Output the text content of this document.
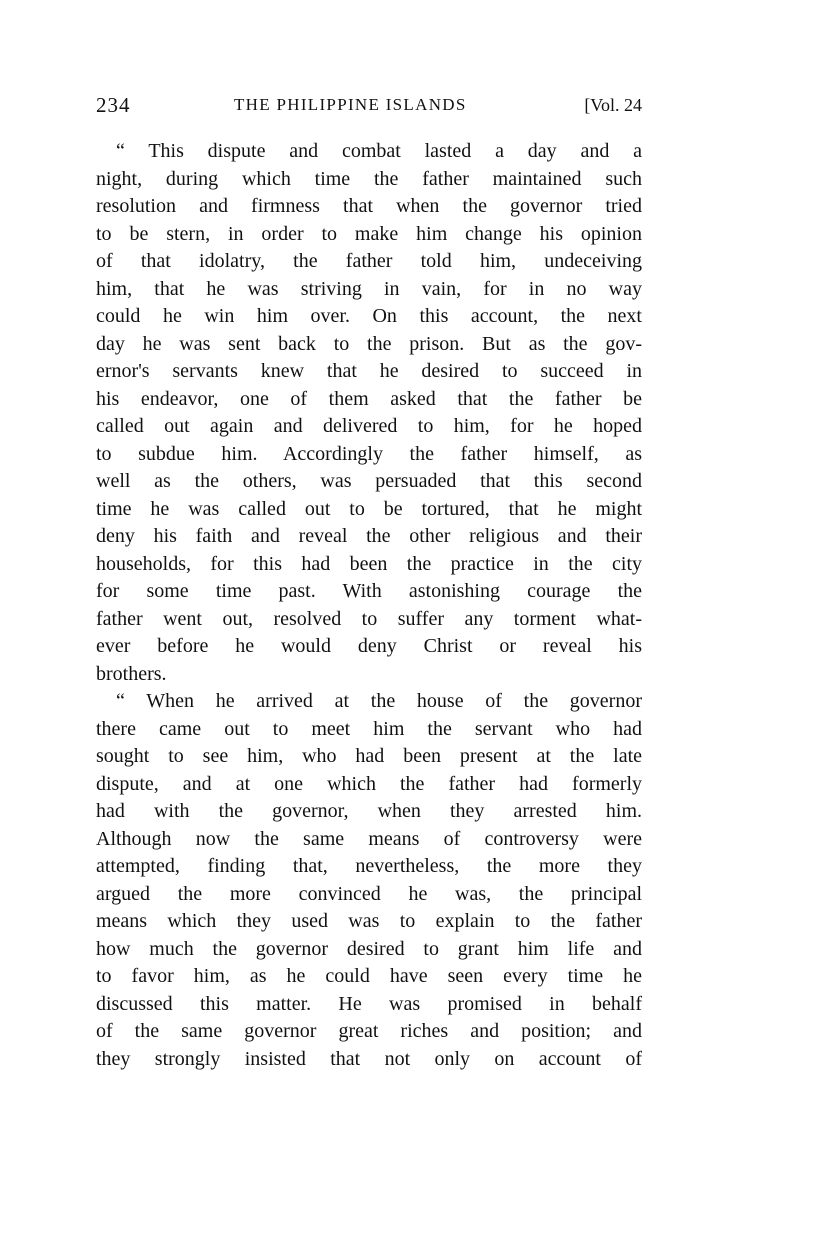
234	THE PHILIPPINE ISLANDS	[Vol. 24
“ This dispute and combat lasted a day and a
night, during which time the father maintained such
resolution and firmness that when the governor tried
to be stern, in order to make him change his opinion
of that idolatry, the father told him, undeceiving
him, that he was striving in vain, for in no way
could he win him over. On this account, the next
day he was sent back to the prison. But as the gov-
ernor's servants knew that he desired to succeed in
his endeavor, one of them asked that the father be
called out again and delivered to him, for he hoped
to subdue him. Accordingly the father himself, as
well as the others, was persuaded that this second
time he was called out to be tortured, that he might
deny his faith and reveal the other religious and their
households, for this had been the practice in the city
for some time past. With astonishing courage the
father went out, resolved to suffer any torment what-
ever before he would deny Christ or reveal his
brothers.
“ When he arrived at the house of the governor
there came out to meet him the servant who had
sought to see him, who had been present at the late
dispute, and at one which the father had formerly
had with the governor, when they arrested him.
Although now the same means of controversy were
attempted, finding that, nevertheless, the more they
argued the more convinced he was, the principal
means which they used was to explain to the father
how much the governor desired to grant him life and
to favor him, as he could have seen every time he
discussed this matter. He was promised in behalf
of the same governor great riches and position; and
they strongly insisted that not only on account of
